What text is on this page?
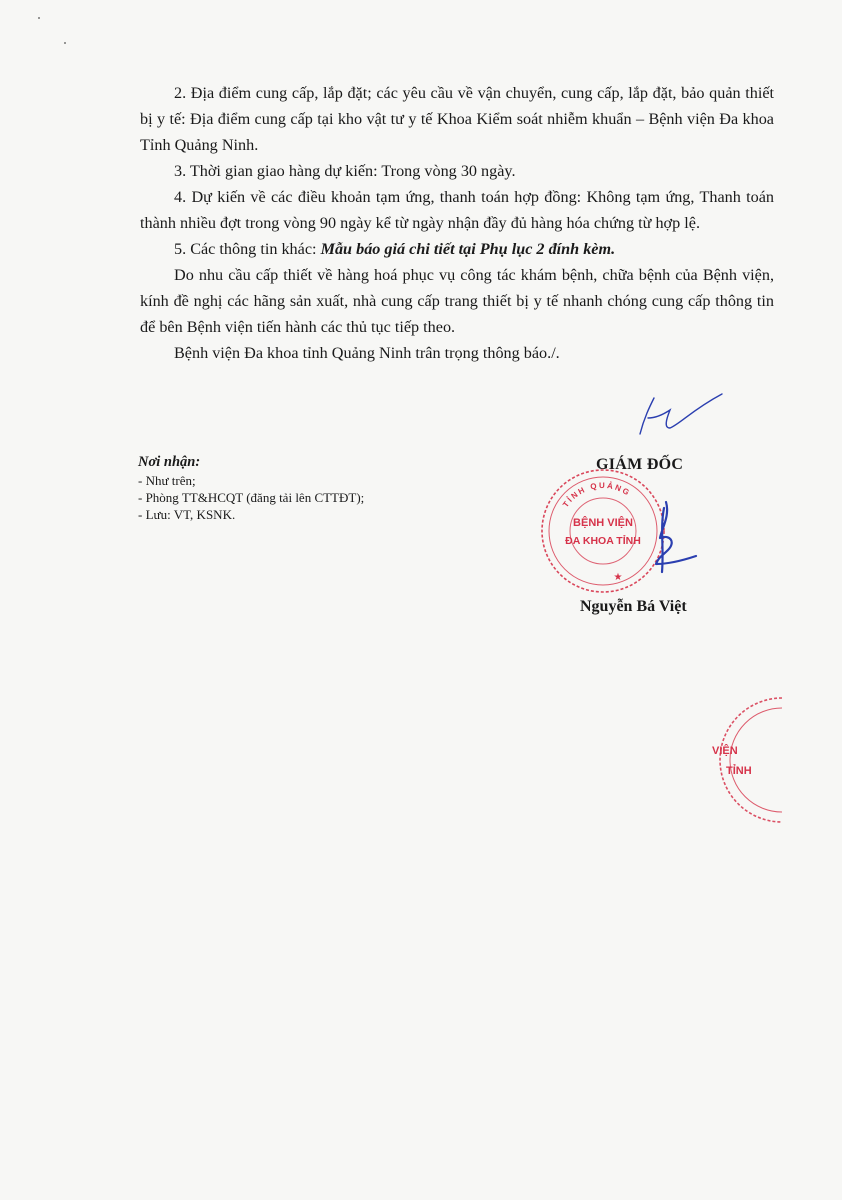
2. Địa điểm cung cấp, lắp đặt; các yêu cầu về vận chuyển, cung cấp, lắp đặt, bảo quản thiết bị y tế: Địa điểm cung cấp tại kho vật tư y tế Khoa Kiểm soát nhiễm khuẩn – Bệnh viện Đa khoa Tỉnh Quảng Ninh.

3. Thời gian giao hàng dự kiến: Trong vòng 30 ngày.

4. Dự kiến về các điều khoản tạm ứng, thanh toán hợp đồng: Không tạm ứng, Thanh toán thành nhiều đợt trong vòng 90 ngày kể từ ngày nhận đầy đủ hàng hóa chứng từ hợp lệ.

5. Các thông tin khác: Mẫu báo giá chi tiết tại Phụ lục 2 đính kèm.

Do nhu cầu cấp thiết về hàng hoá phục vụ công tác khám bệnh, chữa bệnh của Bệnh viện, kính đề nghị các hãng sản xuất, nhà cung cấp trang thiết bị y tế nhanh chóng cung cấp thông tin để bên Bệnh viện tiến hành các thủ tục tiếp theo.

Bệnh viện Đa khoa tỉnh Quảng Ninh trân trọng thông báo./.

Nơi nhận:
- Như trên;
- Phòng TT&HCQT (đăng tải lên CTTĐT);
- Lưu: VT, KSNK.
GIÁM ĐỐC
TỈNH QUẢNG
BỆNH VIỆN
ĐA KHOA TỈNH
★
Nguyễn Bá Việt
VIỆN
TỈNH
